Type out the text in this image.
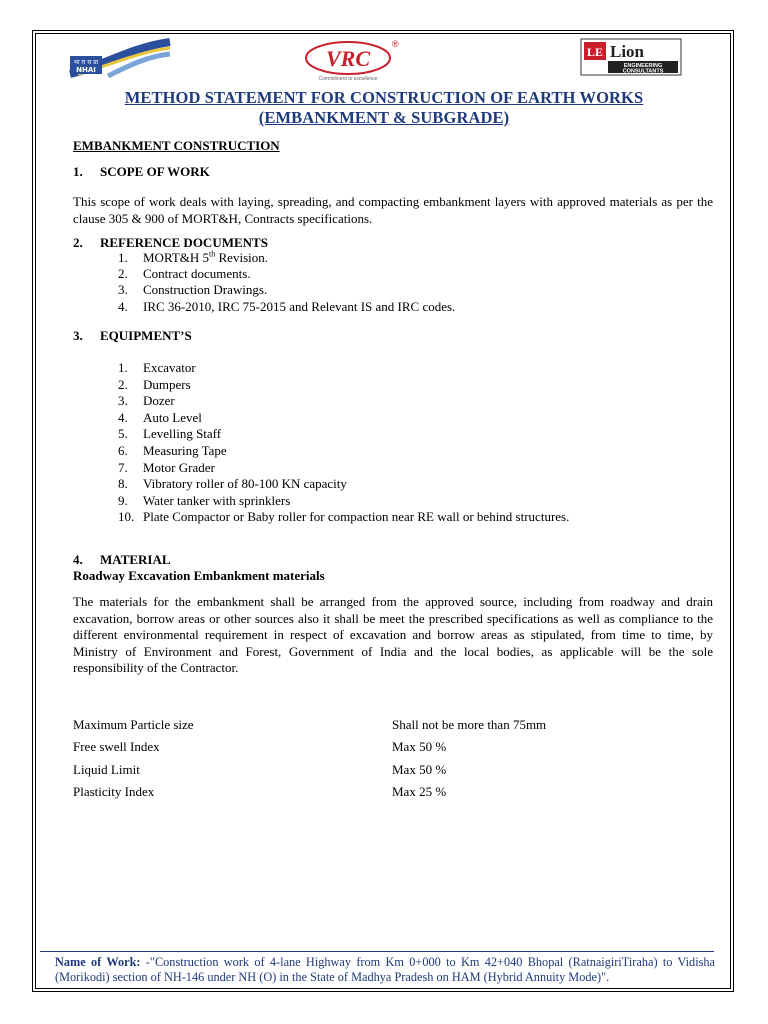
भा रा रा प्रा
NHAI	VRC
®
Commitment to excellence
LE Lion
ENGINEERING
CONSULTANTS
METHOD STATEMENT FOR CONSTRUCTION OF EARTH WORKS
(EMBANKMENT & SUBGRADE)
EMBANKMENT CONSTRUCTION
1. SCOPE OF WORK
This scope of work deals with laying, spreading, and compacting embankment layers with approved materials as per the clause 305 & 900 of MORT&H, Contracts specifications.
2. REFERENCE DOCUMENTS
1. MORT&H 5th Revision.
2. Contract documents.
3. Construction Drawings.
4. IRC 36-2010, IRC 75-2015 and Relevant IS and IRC codes.
3. EQUIPMENT’S
1. Excavator
2. Dumpers
3. Dozer
4. Auto Level
5. Levelling Staff
6. Measuring Tape
7. Motor Grader
8. Vibratory roller of 80-100 KN capacity
9. Water tanker with sprinklers
10. Plate Compactor or Baby roller for compaction near RE wall or behind structures.
4. MATERIAL
Roadway Excavation Embankment materials
The materials for the embankment shall be arranged from the approved source, including from roadway and drain excavation, borrow areas or other sources also it shall be meet the prescribed specifications as well as compliance to the different environmental requirement in respect of excavation and borrow areas as stipulated, from time to time, by Ministry of Environment and Forest, Government of India and the local bodies, as applicable will be the sole responsibility of the Contractor.
Maximum Particle size	Shall not be more than 75mm
Free swell Index	Max 50 %
Liquid Limit	Max 50 %
Plasticity Index	Max 25 %
Name of Work: -"Construction work of 4-lane Highway from Km 0+000 to Km 42+040 Bhopal (RatnaigiriTiraha) to Vidisha (Morikodi) section of NH-146 under NH (O) in the State of Madhya Pradesh on HAM (Hybrid Annuity Mode)".
